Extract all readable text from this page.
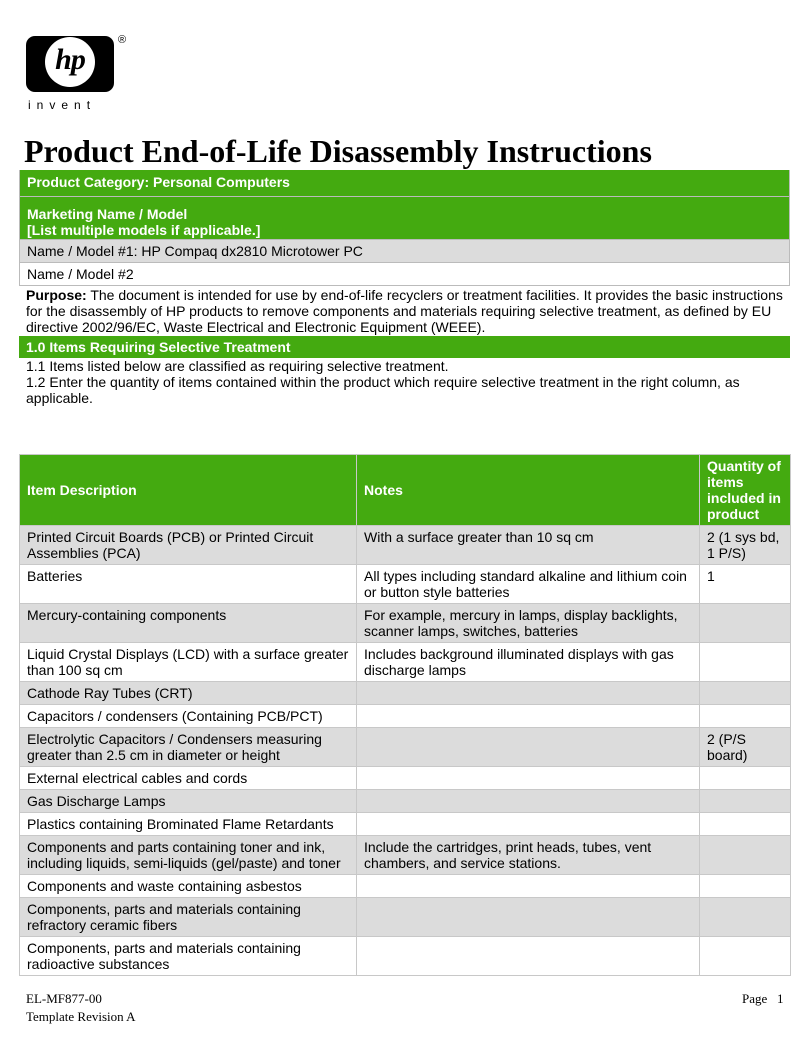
hp
®
invent
Product End-of-Life Disassembly Instructions
Product Category: Personal Computers
Marketing Name / Model
[List multiple models if applicable.]
Name / Model #1: HP Compaq dx2810 Microtower PC
Name / Model #2
Purpose: The document is intended for use by end-of-life recyclers or treatment facilities. It provides the basic instructions for the disassembly of HP products to remove components and materials requiring selective treatment, as defined by EU directive 2002/96/EC, Waste Electrical and Electronic Equipment (WEEE).
1.0 Items Requiring Selective Treatment
1.1 Items listed below are classified as requiring selective treatment.
1.2 Enter the quantity of items contained within the product which require selective treatment in the right column, as applicable.
Item Description	Notes	Quantity of items included in product
Printed Circuit Boards (PCB) or Printed Circuit Assemblies (PCA)	With a surface greater than 10 sq cm	2 (1 sys bd, 1 P/S)
Batteries	All types including standard alkaline and lithium coin or button style batteries	1
Mercury-containing components	For example, mercury in lamps, display backlights, scanner lamps, switches, batteries	
Liquid Crystal Displays (LCD) with a surface greater than 100 sq cm	Includes background illuminated displays with gas discharge lamps	
Cathode Ray Tubes (CRT)		
Capacitors / condensers (Containing PCB/PCT)		
Electrolytic Capacitors / Condensers measuring greater than 2.5 cm in diameter or height		2 (P/S board)
External electrical cables and cords		
Gas Discharge Lamps		
Plastics containing Brominated Flame Retardants		
Components and parts containing toner and ink, including liquids, semi-liquids (gel/paste) and toner	Include the cartridges, print heads, tubes, vent chambers, and service stations.	
Components and waste containing asbestos		
Components, parts and materials containing refractory ceramic fibers		
Components, parts and materials containing radioactive substances		
EL-MF877-00
Template Revision A
Page 1
